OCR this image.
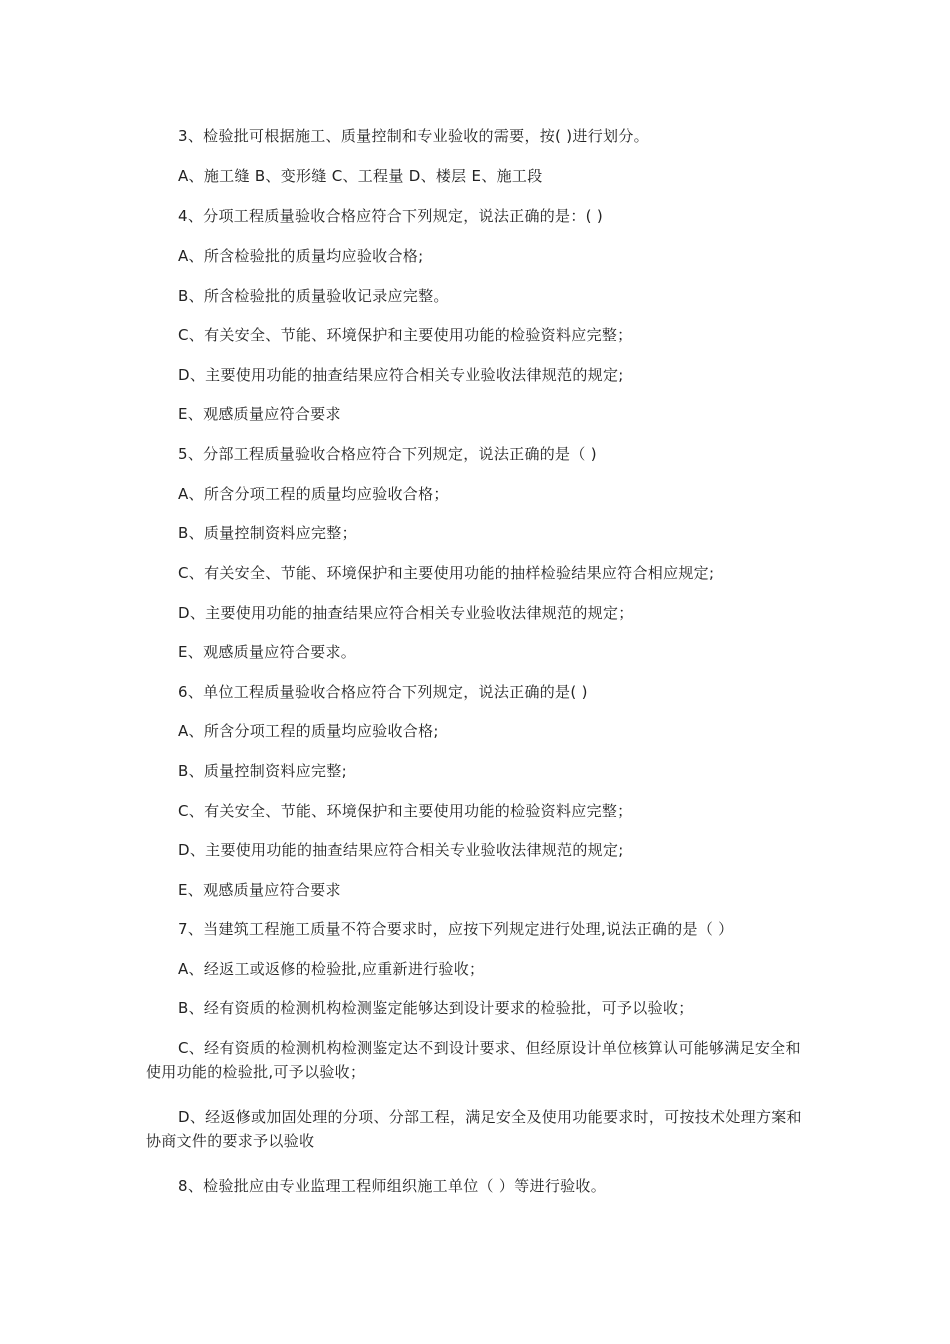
3、检验批可根据施工、质量控制和专业验收的需要，按( )进行划分。
A、施工缝 B、变形缝 C、工程量 D、楼层 E、施工段
4、分项工程质量验收合格应符合下列规定，说法正确的是：( )
A、所含检验批的质量均应验收合格;
B、所含检验批的质量验收记录应完整。
C、有关安全、节能、环境保护和主要使用功能的检验资料应完整；
D、主要使用功能的抽查结果应符合相关专业验收法律规范的规定;
E、观感质量应符合要求
5、分部工程质量验收合格应符合下列规定，说法正确的是（ )
A、所含分项工程的质量均应验收合格；
B、质量控制资料应完整；
C、有关安全、节能、环境保护和主要使用功能的抽样检验结果应符合相应规定;
D、主要使用功能的抽查结果应符合相关专业验收法律规范的规定；
E、观感质量应符合要求。
6、单位工程质量验收合格应符合下列规定，说法正确的是( )
A、所含分项工程的质量均应验收合格;
B、质量控制资料应完整;
C、有关安全、节能、环境保护和主要使用功能的检验资料应完整；
D、主要使用功能的抽查结果应符合相关专业验收法律规范的规定;
E、观感质量应符合要求
7、当建筑工程施工质量不符合要求时，应按下列规定进行处理,说法正确的是（ ）
A、经返工或返修的检验批,应重新进行验收；
B、经有资质的检测机构检测鉴定能够达到设计要求的检验批，可予以验收；
C、经有资质的检测机构检测鉴定达不到设计要求、但经原设计单位核算认可能够满足安全和使用功能的检验批,可予以验收；
D、经返修或加固处理的分项、分部工程，满足安全及使用功能要求时，可按技术处理方案和协商文件的要求予以验收
8、检验批应由专业监理工程师组织施工单位（ ）等进行验收。
